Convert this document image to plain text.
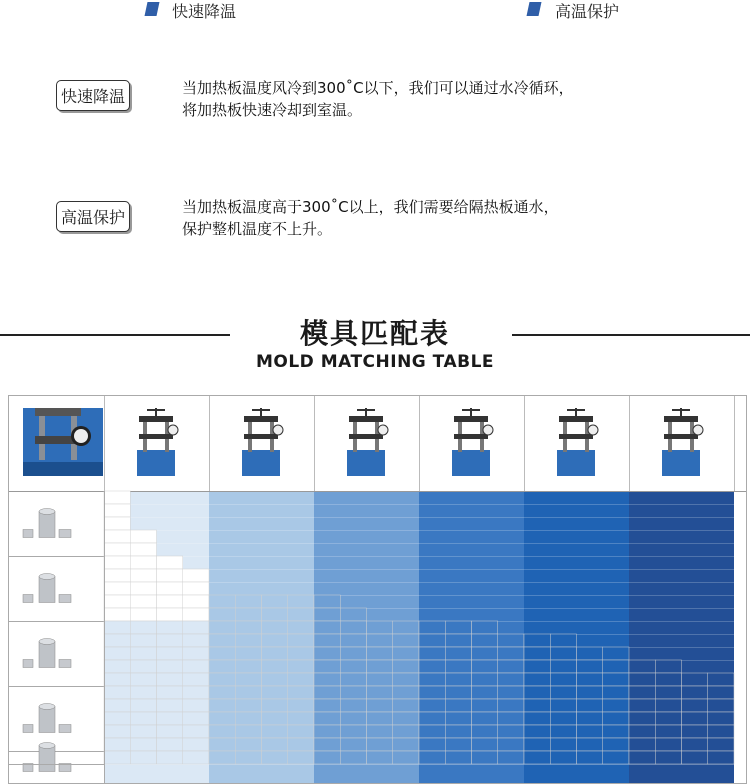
快速降温	高温保护
快速降温	当加热板温度风冷到300˚C以下，我们可以通过水冷循环，
将加热板快速冷却到室温。
高温保护
当加热板温度高于300˚C以上，我们需要给隔热板通水，
保护整机温度不上升。
模具匹配表
MOLD MATCHING TABLE
